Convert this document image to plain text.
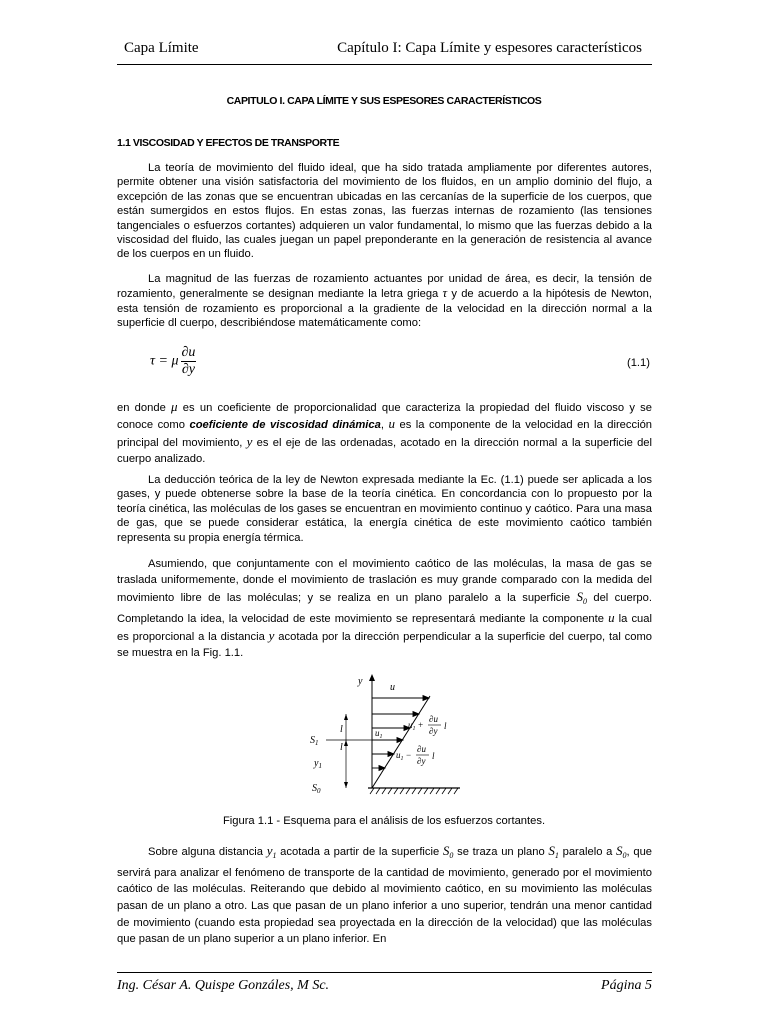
Capa Límite	Capítulo I: Capa Límite y espesores característicos
CAPITULO I. CAPA LÍMITE Y SUS ESPESORES CARACTERÍSTICOS
1.1 VISCOSIDAD Y EFECTOS DE TRANSPORTE

La teoría de movimiento del fluido ideal, que ha sido tratada ampliamente por diferentes autores, permite obtener una visión satisfactoria del movimiento de los fluidos, en un amplio dominio del flujo, a excepción de las zonas que se encuentran ubicadas en las cercanías de la superficie de los cuerpos, que están sumergidos en estos flujos. En estas zonas, las fuerzas internas de rozamiento (las tensiones tangenciales o esfuerzos cortantes) adquieren un valor fundamental, lo mismo que las fuerzas debido a la viscosidad del fluido, las cuales juegan un papel preponderante en la generación de resistencia al avance de los cuerpos en un fluido.

La magnitud de las fuerzas de rozamiento actuantes por unidad de área, es decir, la tensión de rozamiento, generalmente se designan mediante la letra griega τ y de acuerdo a la hipótesis de Newton, esta tensión de rozamiento es proporcional a la gradiente de la velocidad en la dirección normal a la superficie dl cuerpo, describiéndose matemáticamente como:

τ = μ $\frac{\partial u}{\partial y}$	(1.1)

en donde μ es un coeficiente de proporcionalidad que caracteriza la propiedad del fluido viscoso y se conoce como coeficiente de viscosidad dinámica, u es la componente de la velocidad en la dirección principal del movimiento, y es el eje de las ordenadas, acotado en la dirección normal a la superficie del cuerpo analizado.

La deducción teórica de la ley de Newton expresada mediante la Ec. (1.1) puede ser aplicada a los gases, y puede obtenerse sobre la base de la teoría cinética. En concordancia con lo propuesto por la teoría cinética, las moléculas de los gases se encuentran en movimiento continuo y caótico. Para una masa de gas, que se puede considerar estática, la energía cinética de este movimiento caótico también representa su propia energía térmica.

Asumiendo, que conjuntamente con el movimiento caótico de las moléculas, la masa de gas se traslada uniformemente, donde el movimiento de traslación es muy grande comparado con la medida del movimiento libre de las moléculas; y se realiza en un plano paralelo a la superficie $S_0$ del cuerpo. Completando la idea, la velocidad de este movimiento se representará mediante la componente u la cual es proporcional a la distancia y acotada por la dirección perpendicular a la superficie del cuerpo, tal como se muestra en la Fig. 1.1.

y
u
$S_1$
$y_1$
l
l
$u_1$
$u_1$ +
∂u
∂y l
$u_1$ −
∂u
∂y l
$S_0$
Figura 1.1 - Esquema para el análisis de los esfuerzos cortantes.

Sobre alguna distancia $y_1$ acotada a partir de la superficie $S_0$ se traza un plano $S_1$ paralelo a $S_0$, que servirá para analizar el fenómeno de transporte de la cantidad de movimiento, generado por el movimiento caótico de las moléculas. Reiterando que debido al movimiento caótico, en su movimiento las moléculas pasan de un plano a otro. Las que pasan de un plano inferior a uno superior, tendrán una menor cantidad de movimiento (cuando esta propiedad sea proyectada en la dirección de la velocidad) que las moléculas que pasan de un plano superior a un plano inferior. En

Ing. César A. Quispe Gonzáles, M Sc.	Página 5
